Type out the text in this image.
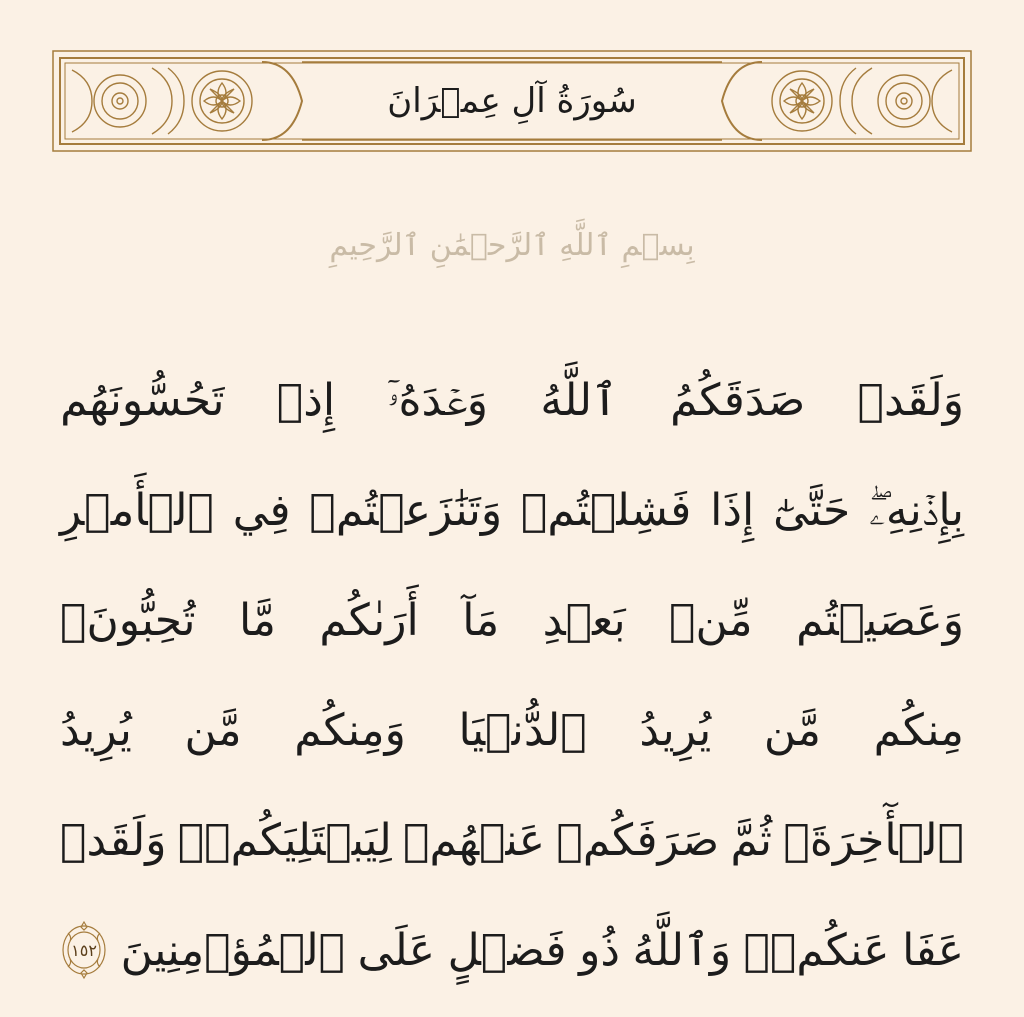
سُورَةُ آلِ عِمۡرَانَ
بِسۡمِ ٱللَّهِ ٱلرَّحۡمَٰنِ ٱلرَّحِيمِ
وَلَقَدۡ
صَدَقَكُمُ
ٱللَّهُ
وَعۡدَهُۥٓ
إِذۡ
تَحُسُّونَهُم
بِإِذۡنِهِۦۖ
حَتَّىٰٓ
إِذَا
فَشِلۡتُمۡ
وَتَنَٰزَعۡتُمۡ
فِي
ٱلۡأَمۡرِ
وَعَصَيۡتُم
مِّنۢ
بَعۡدِ
مَآ
أَرَىٰكُم
مَّا
تُحِبُّونَۚ
مِنكُم
مَّن
يُرِيدُ
ٱلدُّنۡيَا
وَمِنكُم
مَّن
يُرِيدُ
ٱلۡأٓخِرَةَۚ
ثُمَّ
صَرَفَكُمۡ
عَنۡهُمۡ
لِيَبۡتَلِيَكُمۡۖ
وَلَقَدۡ
عَفَا
عَنكُمۡۗ
وَٱللَّهُ
ذُو
فَضۡلٍ
عَلَى
ٱلۡمُؤۡمِنِينَ
١٥٢
